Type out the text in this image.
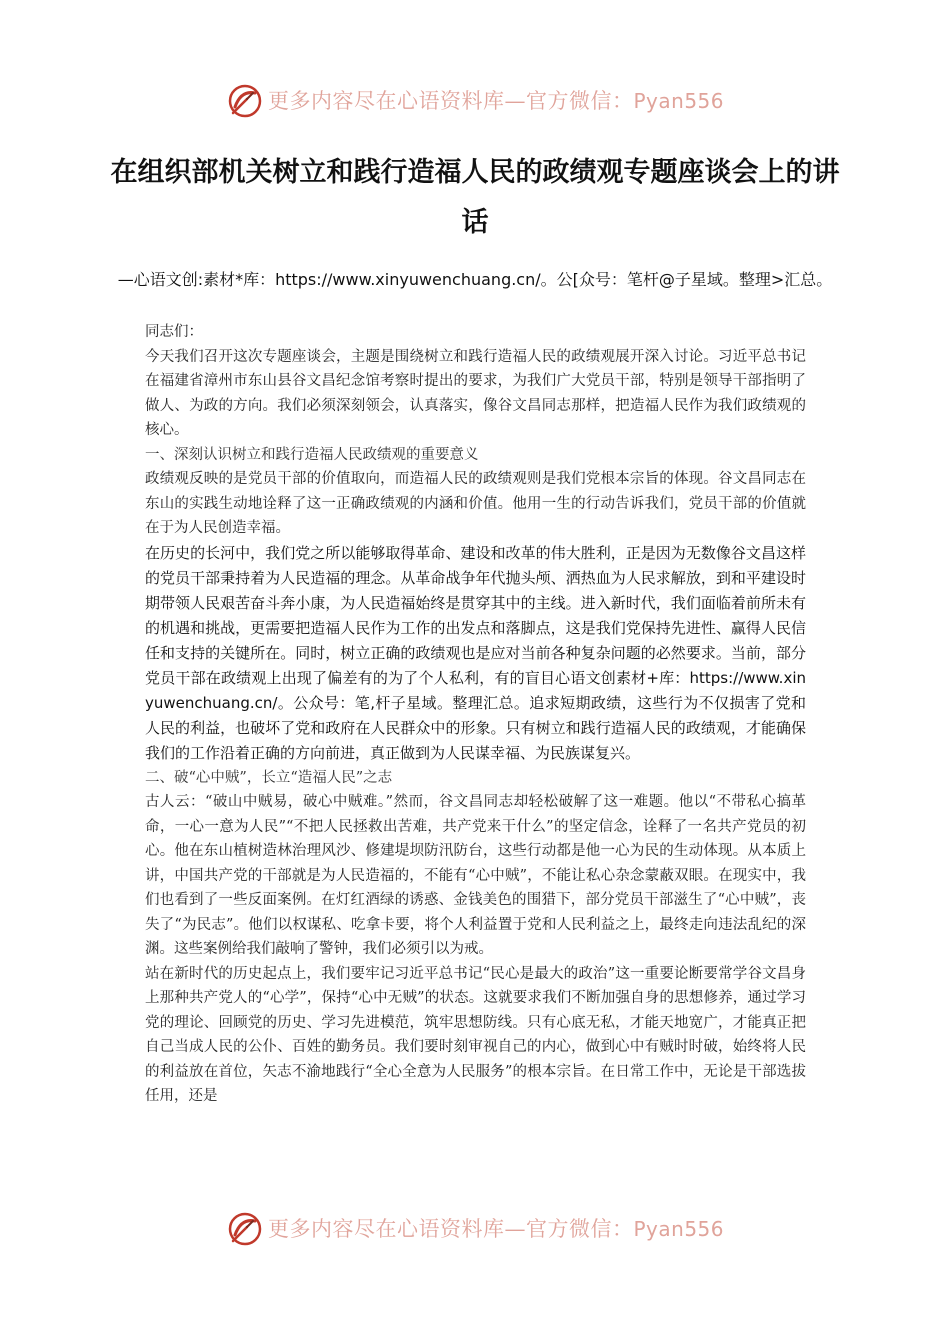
更多内容尽在心语资料库—官方微信：Pyan556
在组织部机关树立和践行造福人民的政绩观专题座谈会上的讲话
—心语文创:素材*库：https://www.xinyuwenchuang.cn/。公[众号：笔杆@子星域。整理>汇总。

同志们：

今天我们召开这次专题座谈会，主题是围绕树立和践行造福人民的政绩观展开深入讨论。习近平总书记在福建省漳州市东山县谷文昌纪念馆考察时提出的要求，为我们广大党员干部，特别是领导干部指明了做人、为政的方向。我们必须深刻领会，认真落实，像谷文昌同志那样，把造福人民作为我们政绩观的核心。

一、深刻认识树立和践行造福人民政绩观的重要意义

政绩观反映的是党员干部的价值取向，而造福人民的政绩观则是我们党根本宗旨的体现。谷文昌同志在东山的实践生动地诠释了这一正确政绩观的内涵和价值。他用一生的行动告诉我们，党员干部的价值就在于为人民创造幸福。

在历史的长河中，我们党之所以能够取得革命、建设和改革的伟大胜利，正是因为无数像谷文昌这样的党员干部秉持着为人民造福的理念。从革命战争年代抛头颅、洒热血为人民求解放，到和平建设时期带领人民艰苦奋斗奔小康，为人民造福始终是贯穿其中的主线。进入新时代，我们面临着前所未有的机遇和挑战，更需要把造福人民作为工作的出发点和落脚点，这是我们党保持先进性、赢得人民信任和支持的关键所在。同时，树立正确的政绩观也是应对当前各种复杂问题的必然要求。当前，部分党员干部在政绩观上出现了偏差有的为了个人私利，有的盲目心语文创素材+库：https://www.xinyuwenchuang.cn/。公众号：笔,杆子星域。整理汇总。追求短期政绩，这些行为不仅损害了党和人民的利益，也破坏了党和政府在人民群众中的形象。只有树立和践行造福人民的政绩观，才能确保我们的工作沿着正确的方向前进，真正做到为人民谋幸福、为民族谋复兴。

二、破“心中贼”，长立“造福人民”之志

古人云：“破山中贼易，破心中贼难。”然而，谷文昌同志却轻松破解了这一难题。他以“不带私心搞革命，一心一意为人民”“不把人民拯救出苦难，共产党来干什么”的坚定信念，诠释了一名共产党员的初心。他在东山植树造林治理风沙、修建堤坝防汛防台，这些行动都是他一心为民的生动体现。从本质上讲，中国共产党的干部就是为人民造福的，不能有“心中贼”，不能让私心杂念蒙蔽双眼。在现实中，我们也看到了一些反面案例。在灯红酒绿的诱惑、金钱美色的围猎下，部分党员干部滋生了“心中贼”，丧失了“为民志”。他们以权谋私、吃拿卡要，将个人利益置于党和人民利益之上，最终走向违法乱纪的深渊。这些案例给我们敲响了警钟，我们必须引以为戒。

站在新时代的历史起点上，我们要牢记习近平总书记“民心是最大的政治”这一重要论断要常学谷文昌身上那种共产党人的“心学”，保持“心中无贼”的状态。这就要求我们不断加强自身的思想修养，通过学习党的理论、回顾党的历史、学习先进模范，筑牢思想防线。只有心底无私，才能天地宽广，才能真正把自己当成人民的公仆、百姓的勤务员。我们要时刻审视自己的内心，做到心中有贼时时破，始终将人民的利益放在首位，矢志不渝地践行“全心全意为人民服务”的根本宗旨。在日常工作中，无论是干部选拔任用，还是

更多内容尽在心语资料库—官方微信：Pyan556
